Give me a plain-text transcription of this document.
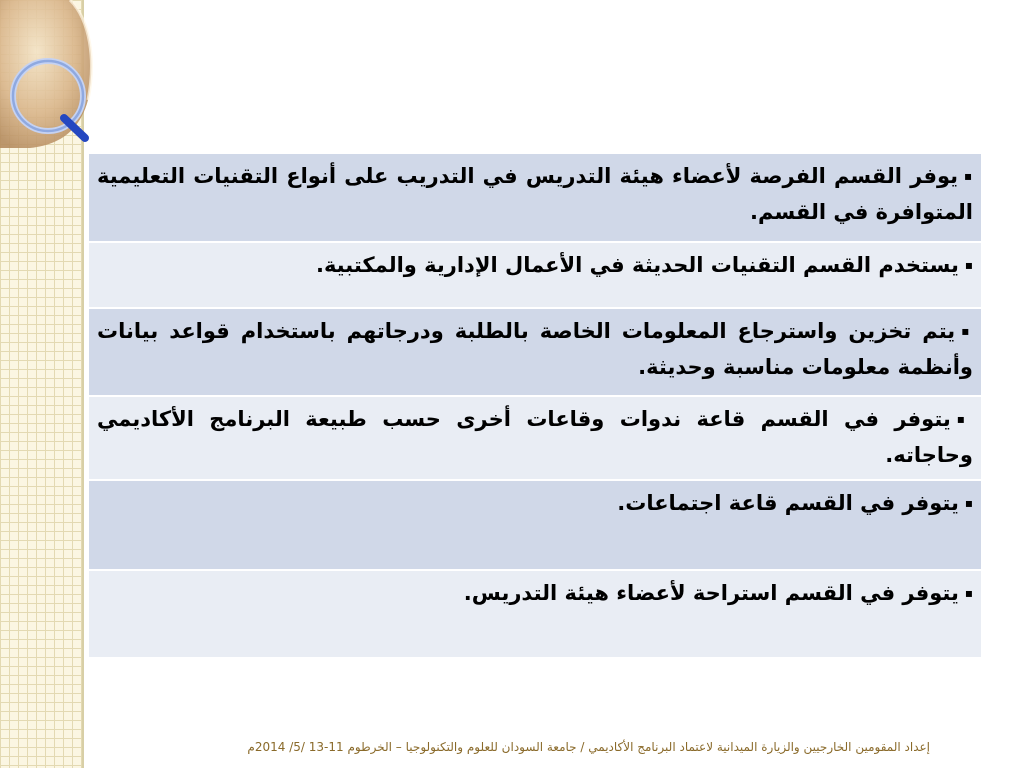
▪يوفر القسم الفرصة لأعضاء هيئة التدريس في التدريب على أنواع التقنيات التعليمية المتوافرة في القسم.
▪يستخدم القسم التقنيات الحديثة في الأعمال الإدارية والمكتبية.
▪يتم تخزين واسترجاع المعلومات الخاصة بالطلبة ودرجاتهم باستخدام قواعد بيانات وأنظمة معلومات مناسبة وحديثة.
▪يتوفر في القسم قاعة ندوات وقاعات أخرى حسب طبيعة البرنامج الأكاديمي وحاجاته.
▪يتوفر في القسم قاعة اجتماعات.
▪يتوفر في القسم استراحة لأعضاء هيئة التدريس.
إعداد المقومين الخارجيين والزيارة الميدانية لاعتماد البرنامج الأكاديمي / جامعة السودان للعلوم والتكنولوجيا – الخرطوم 11-13 /5/ 2014م
